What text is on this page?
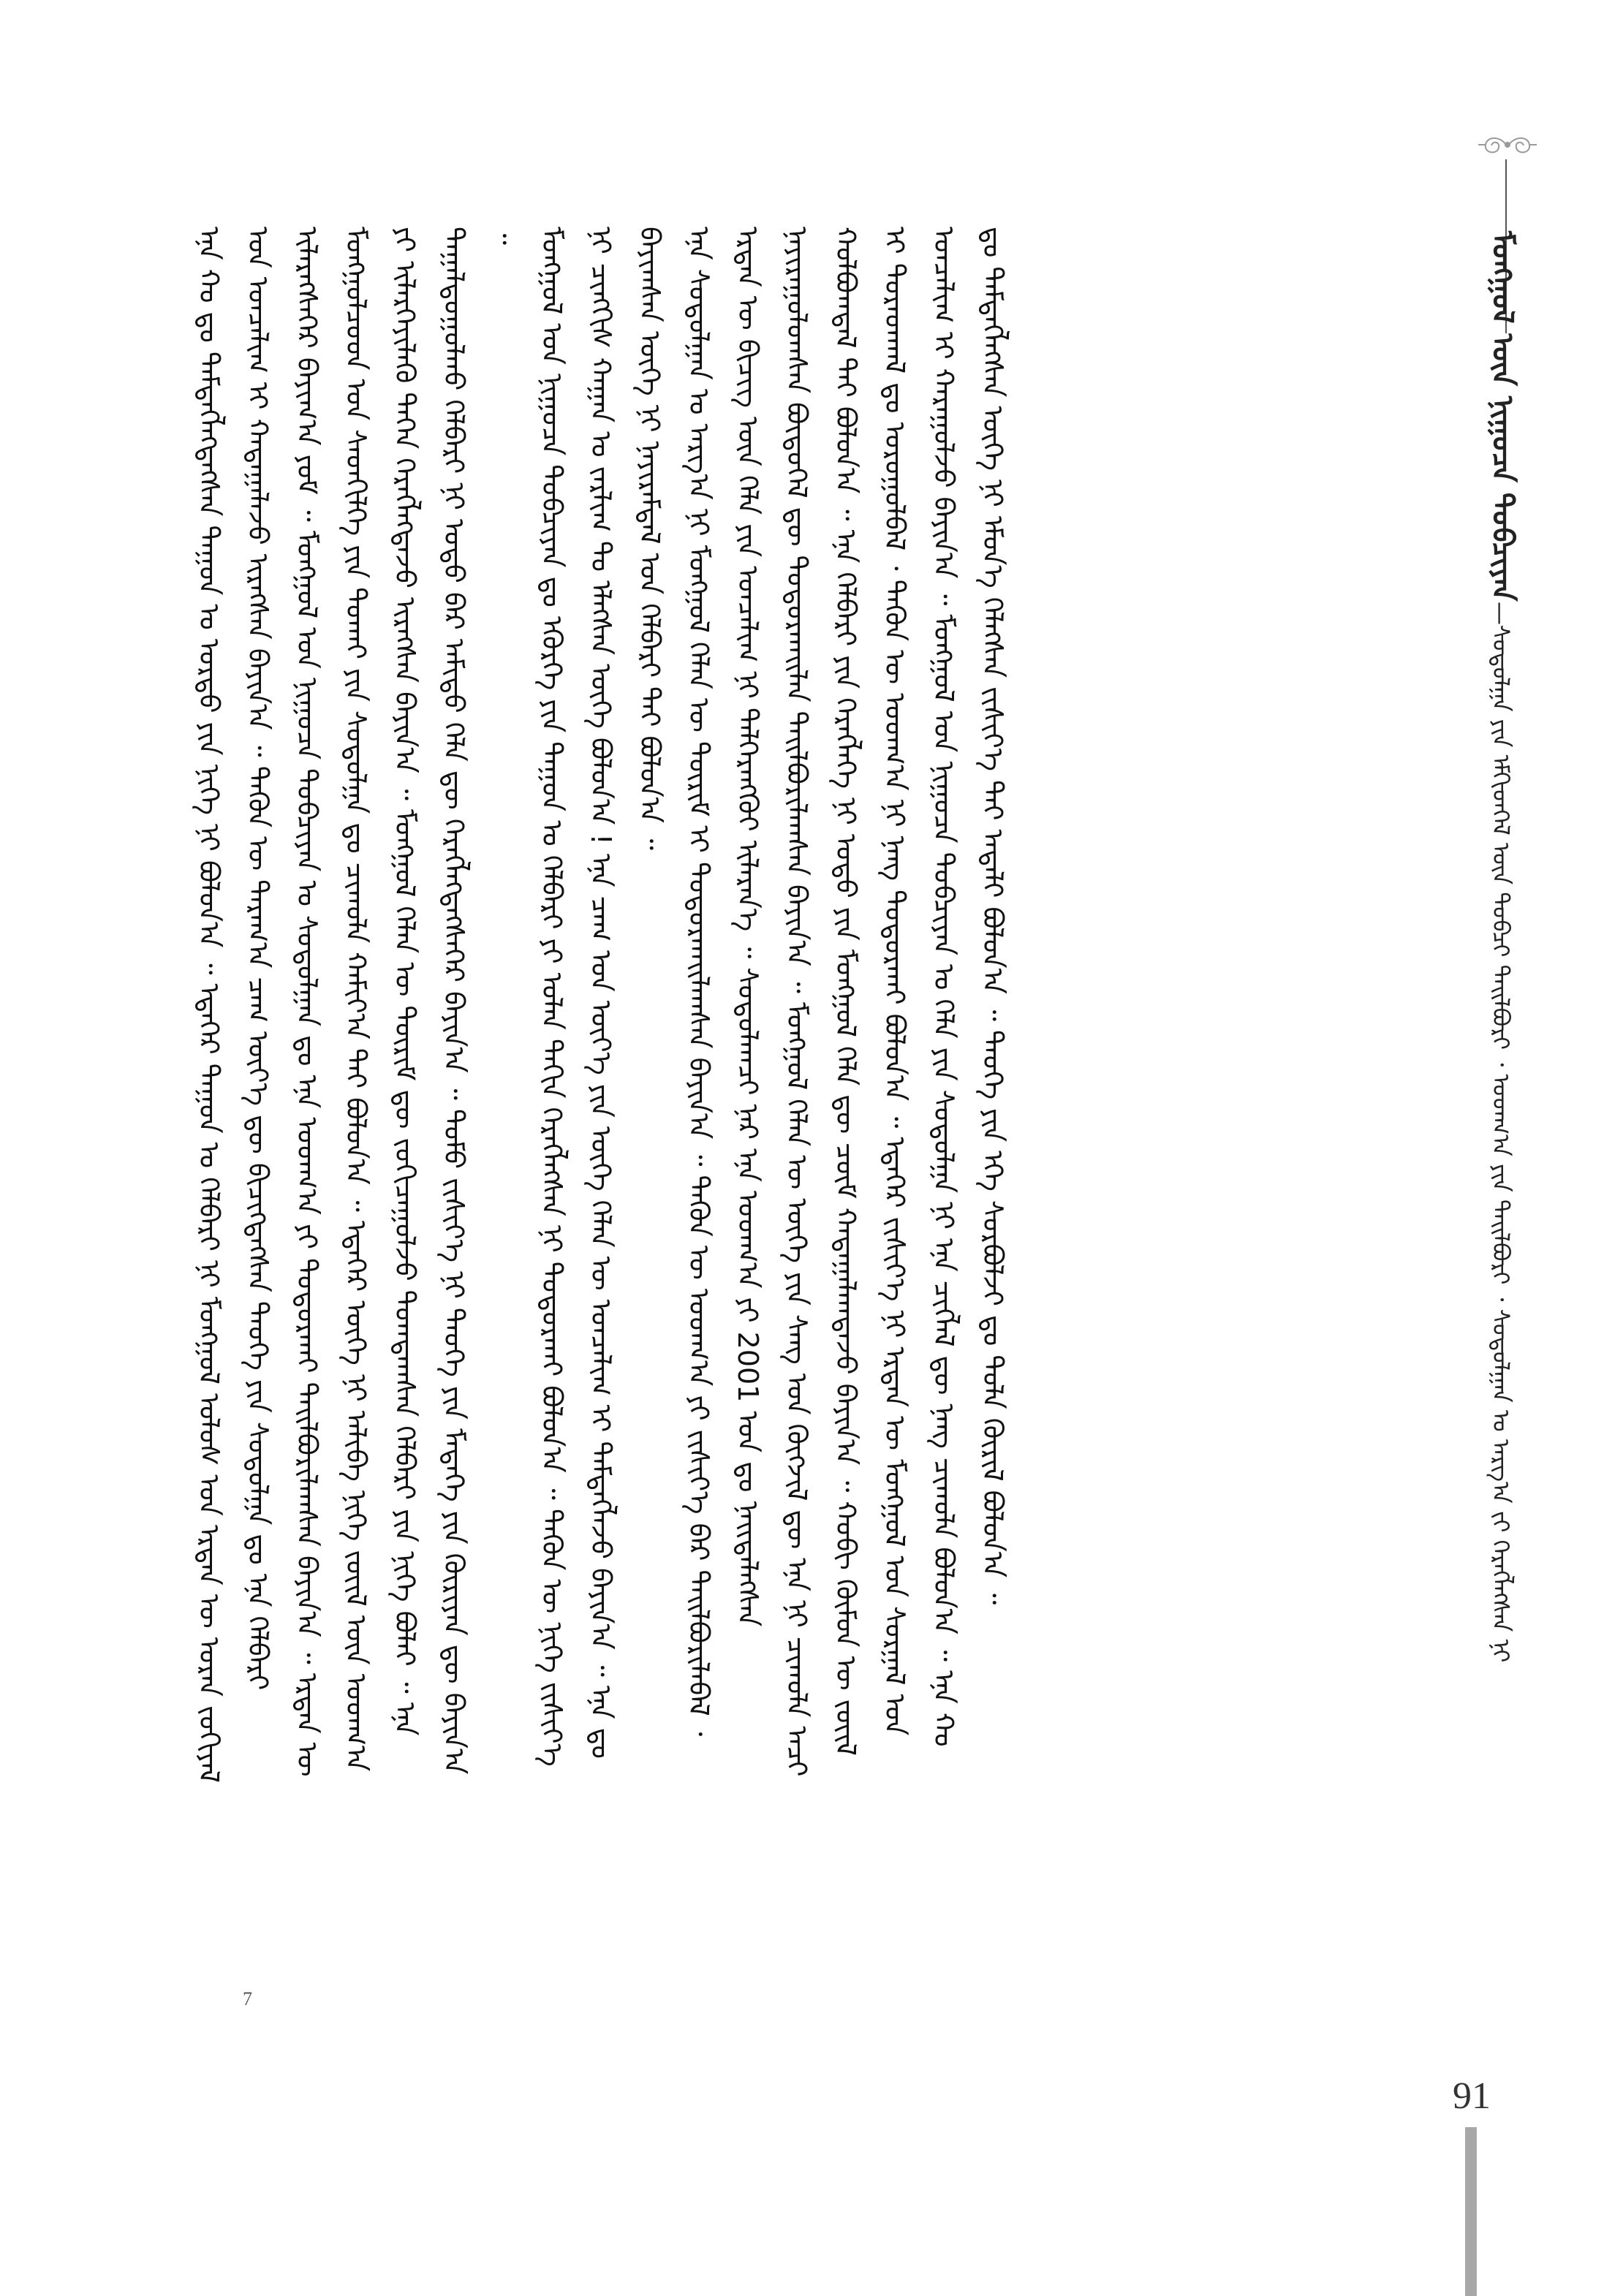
ᠮᠣᠩᠭᠣᠯ ᠦᠨ ᠨᠢᠭᠤᠴᠠ ᠲᠣᠪᠴᠢᠶᠠᠨ—ᠰᠤᠳᠤᠯᠭᠠ ᠶᠢᠨ ᠡᠮᠬᠢᠳᠬᠡᠯ ᠦᠨ ᠲᠣᠪᠴᠢ ᠲᠠᠢᠯᠪᠤᠷᠢ ᠂ ᠤᠳᠬ᠎ᠠ ᠶᠢᠨ ᠲᠠᠢᠯᠪᠤᠷᠢ ᠂ ᠰᠤᠳᠤᠯᠭᠠᠨ ᠤ ᠠᠷᠭ᠎ᠠ ᠵᠢ ᠬᠡᠷᠡᠭᠯᠡᠭᠰᠡᠨ ᠨᠢ

ᠡᠨᠡ ᠬᠤ ᠳᠤ ᠲᠡᠮᠳᠡᠭᠯᠡᠭᠳᠡᠭᠰᠡᠨ ᠳᠠᠭᠤᠨ ᠤ ᠤᠷᠲᠤ ᠶᠢᠨ ᠨᠢᠭᠡ ᠨᠢ ᠪᠣᠯᠤᠨ᠎ᠠ ᠃ ᠡᠳᠡᠭᠡᠷ ᠳᠠᠭᠤᠨ ᠤ ᠬᠡᠯᠪᠡᠷᠢ ᠨᠢ ᠮᠣᠩᠭᠣᠯ ᠤᠯᠤᠰ ᠤᠨ ᠡᠷᠲᠡᠨ ᠦ ᠤᠷᠠᠨ ᠵᠣᠬᠢᠶᠠᠯ ᠤᠨ ᠣᠨᠴᠠᠯᠢᠭ ᠢ ᠬᠠᠳᠠᠭᠠᠯᠠᠵᠤ ᠢᠷᠡᠭᠰᠡᠨ ᠪᠠᠶᠢᠨ᠎ᠠ ᠃ ᠲᠡᠭᠦᠨ ᠦ ᠳᠠᠷᠠᠭ᠎ᠠ ᠴᠠᠭ ᠦᠶ᠎ᠡ ᠳᠦ ᠪᠢᠴᠢᠭᠳᠡᠭᠰᠡᠨ ᠲᠡᠦᠬᠡ ᠶᠢᠨ ᠰᠤᠳᠤᠯᠭᠠ ᠳᠤ ᠡᠨᠡ ᠬᠡᠯᠪᠡᠷᠢ ᠢᠯᠡᠷᠡᠭᠰᠡᠭᠡᠷ ᠪᠠᠶᠢᠭ᠎ᠠ ᠶᠤᠮ ᠃ ᠮᠣᠩᠭᠣᠯ ᠤᠨ ᠨᠢᠭᠤᠴᠠ ᠲᠣᠪᠴᠢᠶᠠᠨ ᠤ ᠰᠤᠳᠤᠯᠭᠠᠨ ᠳᠤ ᠡᠨᠡ ᠤᠳᠬ᠎ᠠ ᠶᠢ ᠲᠣᠳᠣᠷᠬᠠᠢ ᠲᠠᠢᠯᠪᠤᠷᠢᠯᠠᠭᠰᠠᠨ ᠪᠠᠶᠢᠨ᠎ᠠ ᠃ ᠡᠷᠲᠡᠨ ᠦ ᠮᠣᠩᠭᠣᠯᠴᠤᠳ ᠤᠨ ᠰᠡᠳᠬᠢᠯᠭᠡ ᠶᠢᠨ ᠲᠤᠬᠠᠢ ᠶᠢᠨ ᠰᠤᠳᠤᠯᠭᠠ ᠳᠤ ᠴᠢᠬᠤᠯᠠ ᠬᠠᠮᠢᠶ᠎ᠠ ᠲᠠᠢ ᠪᠣᠯᠤᠨ᠎ᠠ ᠃ ᠡᠳᠡᠭᠡᠷ ᠦᠭᠡ ᠨᠢ ᠠᠯᠢᠪᠠ ᠨᠢᠭᠡ ᠵᠦᠢᠯ ᠦᠨ ᠤᠳᠬ᠎ᠠ ᠶᠢ ᠢᠯᠡᠷᠬᠡᠶᠢᠯᠡᠬᠦ ᠳᠡᠭᠡᠨ ᠬᠡᠷᠡᠭᠯᠡᠭᠳᠡᠵᠦ ᠢᠷᠡᠭᠰᠡᠨ ᠪᠠᠶᠢᠨ᠎ᠠ ᠃ ᠮᠣᠩᠭᠣᠯ ᠬᠡᠯᠡᠨ ᠦ ᠳᠦᠷᠢᠮ ᠳᠦ ᠵᠣᠬᠢᠴᠠᠭᠤᠯᠵᠤ ᠲᠣᠭᠲᠠᠭᠰᠠᠨ ᠬᠡᠯᠪᠡᠷᠢ ᠶᠢᠨ ᠨᠢᠭᠡ ᠪᠣᠯᠠᠢ ᠃ ᠡᠨᠡ ᠳᠠᠭᠠᠯᠳᠤᠭᠤᠯᠬᠤ ᠬᠡᠯᠪᠡᠷᠢ ᠨᠢ ᠣᠳᠣ ᠪᠠᠷ ᠠᠮᠢᠳᠤ ᠬᠡᠯᠡ ᠳᠦ ᠬᠡᠷᠡᠭᠯᠡᠭᠳᠡᠭᠰᠡᠭᠡᠷ ᠪᠠᠶᠢᠨ᠎ᠠ ᠃ ᠲᠣᠮᠤ ᠵᠢᠱᠢᠶ᠎ᠡ ᠨᠢ ᠲᠡᠦᠬᠡ ᠶᠢᠨ ᠮᠡᠳᠡᠭᠡ ᠶᠢᠨ ᠬᠦᠷᠢᠶᠡᠨ ᠳᠦ ᠪᠠᠶᠢᠨ᠎ᠠ ᠃ ᠮᠣᠩᠭᠣᠯ ᠤᠨ ᠨᠢᠭᠤᠴᠠ ᠲᠣᠪᠴᠢᠶᠠᠨ ᠳᠤ ᠡᠭᠦᠷᠭᠡ ᠶᠢᠨ ᠳᠠᠭᠤᠨ ᠤ ᠬᠡᠯᠪᠡᠷᠢ ᠶᠢ ᠣᠯᠠᠨ ᠳᠠᠬᠢᠨ ᠬᠡᠷᠡᠭᠯᠡᠭᠰᠡᠨ ᠨᠢ ᠲᠣᠳᠣᠷᠬᠠᠢ ᠪᠣᠯᠤᠨ᠎ᠠ ᠃ ᠲᠡᠭᠦᠨ ᠦ ᠨᠢᠭᠡ ᠵᠢᠱᠢᠶ᠎ᠡ ᠨᠢ ᠴᠢᠩᠭᠢᠰ ᠬᠠᠭᠠᠨ ᠤ ᠵᠠᠷᠯᠢᠭ ᠲᠤ ᠡᠯᠡᠭᠰᠡᠨ ᠦᠭᠡ ᠪᠣᠯᠤᠨ᠎ᠠ ! ᠡᠨᠡ ᠴᠠᠭ ᠤᠨ ᠦᠶ᠎ᠡ ᠶᠢᠨ ᠦᠭᠡ ᠬᠡᠯᠡᠨ ᠦ ᠣᠨᠴᠠᠯᠢᠭ ᠢ ᠲᠡᠮᠳᠡᠭᠯᠡᠵᠦ ᠪᠠᠶᠢᠨ᠎ᠠ ᠃ ᠡᠨᠡ ᠳᠤ ᠪᠠᠶᠢᠭᠰᠠᠨ ᠦᠭᠡ ᠨᠢ ᠨᠠᠶᠢᠷᠠᠮᠳᠠᠯ ᠤᠨ ᠬᠡᠯᠪᠡᠷᠢ ᠲᠠᠢ ᠪᠣᠯᠤᠨ᠎ᠠ ᠃ ᠡᠨᠡ ᠰᠤᠳᠤᠯᠭᠠᠨ ᠤ ᠠᠷᠭ᠎ᠠ ᠨᠢ ᠮᠣᠩᠭᠣᠯ ᠬᠡᠯᠡᠨ ᠦ ᠳᠦᠷᠢᠮ ᠢ ᠲᠣᠳᠣᠷᠬᠠᠢᠯᠠᠭᠰᠠᠨ ᠪᠠᠶᠢᠨ᠎ᠠ ᠃ ᠲᠡᠭᠦᠨ ᠦ ᠤᠳᠬ᠎ᠠ ᠶᠢ ᠵᠢᠱᠢᠶ᠎ᠡ ᠪᠡᠷ ᠲᠠᠢᠯᠪᠤᠷᠢᠯᠠᠪᠠᠯ ᠂ ᠡᠷᠲᠡᠨ ᠦ ᠪᠢᠴᠢᠭ ᠦᠨ ᠬᠡᠯᠡ ᠶᠢᠨ ᠣᠨᠴᠠᠯᠢᠭ ᠨᠢ ᠳᠡᠯᠭᠡᠷᠡᠩᠭᠦᠢ ᠢᠯᠡᠷᠡᠨ᠎ᠡ ᠃ ᠰᠤᠳᠤᠯᠠᠭᠴᠢ ᠨᠠᠷ ᠡᠨᠡ ᠤᠳᠬ᠎ᠠ ᠶᠢ 2001 ᠣᠨ ᠳᠤ ᠨᠡᠢᠲᠡᠯᠡᠭᠰᠡᠨ ᠨᠠᠶᠢᠷᠠᠭᠤᠯᠤᠭᠰᠠᠨ ᠪᠦᠲᠦᠭᠡᠯ ᠳᠦ ᠲᠣᠳᠣᠷᠬᠠᠢᠯᠠᠨ ᠲᠠᠢᠯᠪᠤᠷᠢᠯᠠᠭᠰᠠᠨ ᠪᠠᠶᠢᠨ᠎ᠠ ᠃ ᠮᠣᠩᠭᠣᠯ ᠬᠡᠯᠡᠨ ᠦ ᠦᠭᠡ ᠶᠢᠨ ᠰᠠᠩ ᠤᠨ ᠬᠥᠭᠵᠢᠯ ᠳᠦ ᠡᠨᠡ ᠨᠢ ᠴᠢᠬᠤᠯᠠ ᠠᠴᠢ ᠬᠣᠯᠪᠣᠭᠳᠠᠯ ᠲᠠᠢ ᠪᠣᠯᠤᠨ᠎ᠠ ᠃ ᠡᠨᠡ ᠬᠡᠯᠪᠡᠷᠢ ᠶᠢᠨ ᠬᠡᠷᠡᠭᠯᠡᠭᠡ ᠨᠢ ᠣᠳᠣ ᠶᠢᠨ ᠮᠣᠩᠭᠣᠯ ᠬᠡᠯᠡ ᠳᠦ ᠴᠦᠮ ᠬᠠᠳᠠᠭᠠᠯᠠᠭᠳᠠᠵᠤ ᠪᠠᠶᠢᠨ᠎ᠠ ᠃ ᠬᠤᠪᠢ ᠬᠦᠮᠦᠨ ᠦ ᠵᠦᠢᠯ ᠢ ᠳᠤᠷᠠᠳᠬᠠᠯ ᠳᠤ ᠣᠷᠤᠭᠤᠯᠪᠠᠯ ᠂ ᠲᠡᠭᠦᠨ ᠦ ᠤᠳᠬ᠎ᠠ ᠨᠢ ᠨᠡᠩ ᠲᠣᠳᠣᠷᠬᠠᠢ ᠪᠣᠯᠤᠨ᠎ᠠ ᠃ ᠡᠳᠡᠭᠡᠷ ᠵᠢᠱᠢᠶ᠎ᠡ ᠨᠢ ᠡᠷᠲᠡᠨ ᠦ ᠮᠣᠩᠭᠣᠯ ᠤᠨ ᠰᠤᠷᠭᠠᠯ ᠤᠨ ᠣᠨᠴᠠᠯᠢᠭ ᠢ ᠬᠠᠷᠠᠭᠤᠯᠵᠤ ᠪᠠᠶᠢᠨ᠎ᠠ ᠃ ᠮᠣᠩᠭᠣᠯ ᠤᠨ ᠨᠢᠭᠤᠴᠠ ᠲᠣᠪᠴᠢᠶᠠᠨ ᠤ ᠬᠡᠯᠡ ᠶᠢᠨ ᠰᠤᠳᠤᠯᠭᠠ ᠨᠢ ᠡᠨᠡ ᠴᠢᠭᠯᠡᠯ ᠳᠦ ᠨᠡᠩ ᠴᠢᠬᠤᠯᠠ ᠪᠣᠯᠤᠨ᠎ᠠ ᠃ ᠡᠨᠡ ᠬᠤ ᠳᠤ ᠲᠡᠮᠳᠡᠭᠯᠡᠭᠰᠡᠨ ᠦᠭᠡ ᠨᠢ ᠡᠮᠦᠨ᠎ᠡ ᠬᠡᠯᠡᠭᠰᠡᠨ ᠵᠢᠱᠢᠶ᠎ᠡ ᠲᠠᠢ ᠠᠳᠠᠯᠢ ᠪᠣᠯᠤᠨ᠎ᠠ ᠃ ᠲᠡᠦᠬᠡ ᠶᠢᠨ ᠡᠬᠡ ᠰᠤᠷᠪᠤᠯᠵᠢ ᠳᠤ ᠲᠣᠯᠠ ᠬᠦᠷᠢᠯ ᠪᠣᠯᠤᠨ᠎ᠠ ᠃

7
91
